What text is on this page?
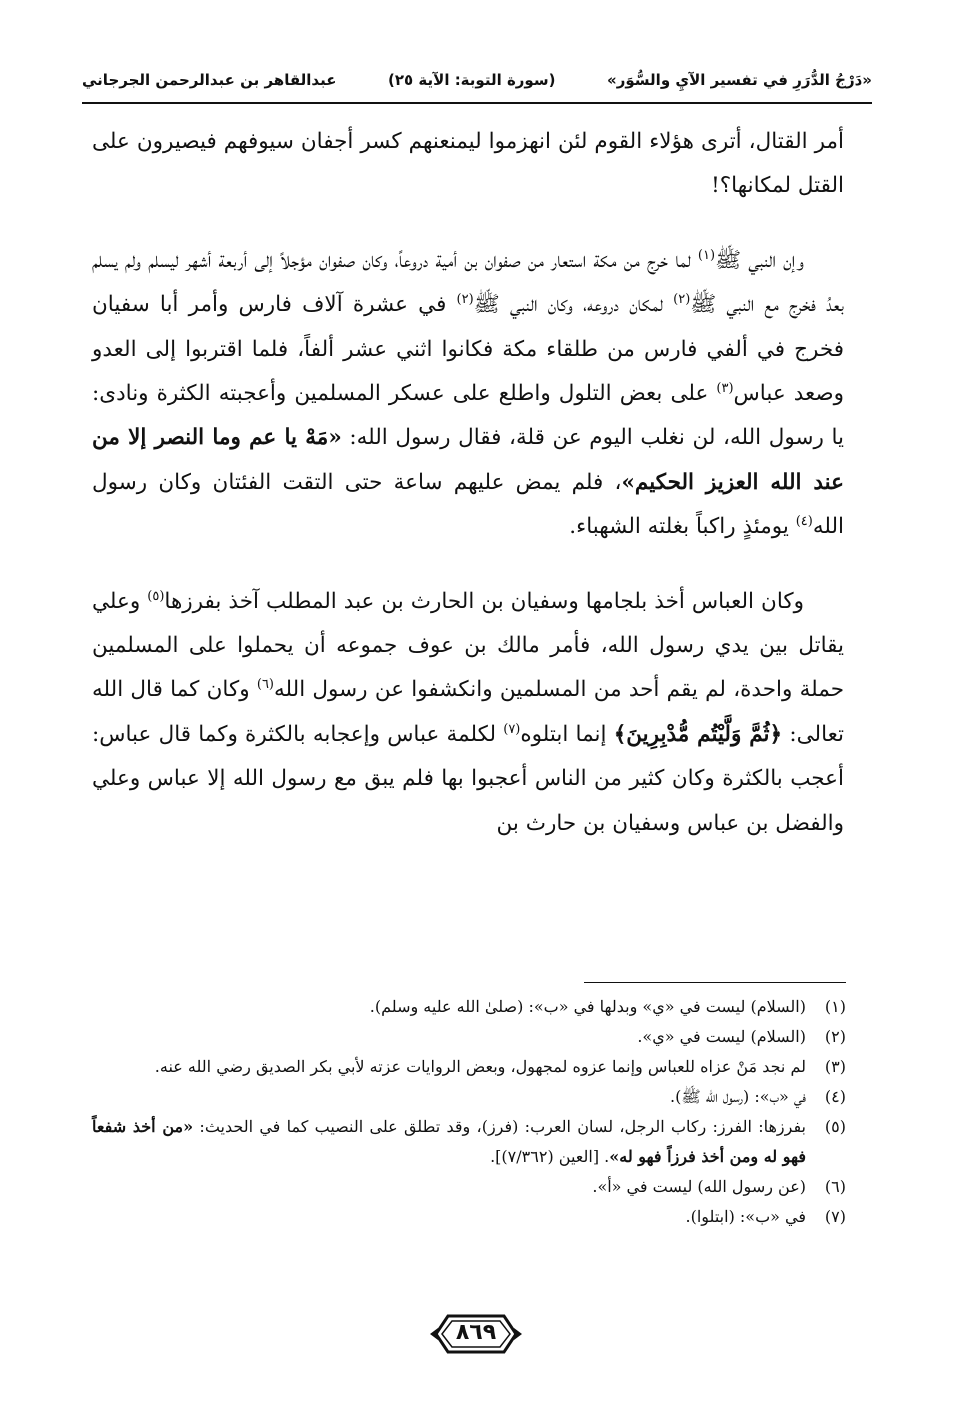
«دَرْجُ الدُّرَرِ في تفسير الآيِ والسُّوَر»
(سورة التوبة: الآية ٢٥)
عبدالقاهر بن عبدالرحمن الجرجاني

أمر القتال، أترى هؤلاء القوم لئن انهزموا ليمنعنهم كسر أجفان سيوفهم فيصيرون على القتل لمكانها؟!

وإن النبي ﷺ$^{(١)}$ لما خرج من مكة استعار من صفوان بن أمية دروعاً، وكان صفوان مؤجلاً إلى أربعة أشهر ليسلم ولم يسلم بعدُ فخرج مع النبي ﷺ$^{(٢)}$ لمكان دروعه، وكان النبي ﷺ$^{(٢)}$ في عشرة آلاف فارس وأمر أبا سفيان فخرج في ألفي فارس من طلقاء مكة فكانوا اثني عشر ألفاً، فلما اقتربوا إلى العدو وصعد عباس$^{(٣)}$ على بعض التلول واطلع على عسكر المسلمين وأعجبته الكثرة ونادى: يا رسول الله، لن نغلب اليوم عن قلة، فقال رسول الله: «مَهْ يا عم وما النصر إلا من عند الله العزيز الحكيم»، فلم يمض عليهم ساعة حتى التقت الفئتان وكان رسول الله$^{(٤)}$ يومئذٍ راكباً بغلته الشهباء.

وكان العباس أخذ بلجامها وسفيان بن الحارث بن عبد المطلب آخذ بفرزها$^{(٥)}$ وعلي يقاتل بين يدي رسول الله، فأمر مالك بن عوف جموعه أن يحملوا على المسلمين حملة واحدة، لم يقم أحد من المسلمين وانكشفوا عن رسول الله$^{(٦)}$ وكان كما قال الله تعالى: ﴿ثُمَّ وَلَّيْتُم مُّدْبِرِينَ﴾ إنما ابتلوه$^{(٧)}$ لكلمة عباس وإعجابه بالكثرة وكما قال عباس: أعجب بالكثرة وكان كثير من الناس أعجبوا بها فلم يبق مع رسول الله إلا عباس وعلي والفضل بن عباس وسفيان بن حارث بن

(١)
(السلام) ليست في «ي» وبدلها في «ب»: (صلىٰ الله عليه وسلم).
(٢)
(السلام) ليست في «ي».
(٣)
لم نجد مَنْ عزاه للعباس وإنما عزوه لمجهول، وبعض الروايات عزته لأبي بكر الصديق رضي الله عنه.
(٤)
في «ب»: (رسول الله ﷺ).
(٥)
بفرزها: الفرز: ركاب الرجل، لسان العرب: (فرز)، وقد تطلق على النصيب كما في الحديث: «من أخذ شفعاً فهو له ومن أخذ فرزاً فهو له». [العين (٧/٣٦٢)].
(٦)
(عن رسول الله) ليست في «أ».
(٧)
في «ب»: (ابتلوا).
٨٦٩
